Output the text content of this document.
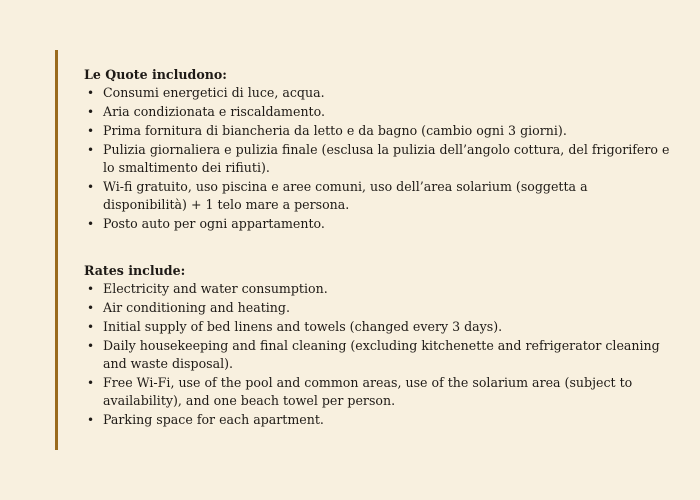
Le Quote includono:

• Consumi energetici di luce, acqua.
• Aria condizionata e riscaldamento.
• Prima fornitura di biancheria da letto e da bagno (cambio ogni 3 giorni).
• Pulizia giornaliera e pulizia finale (esclusa la pulizia dell’angolo cottura, del frigorifero e lo smaltimento dei rifiuti).
• Wi-fi gratuito, uso piscina e aree comuni, uso dell’area solarium (soggetta a disponibilità) + 1 telo mare a persona.
• Posto auto per ogni appartamento.

Rates include:

• Electricity and water consumption.
• Air conditioning and heating.
• Initial supply of bed linens and towels (changed every 3 days).
• Daily housekeeping and final cleaning (excluding kitchenette and refrigerator cleaning and waste disposal).
• Free Wi-Fi, use of the pool and common areas, use of the solarium area (subject to availability), and one beach towel per person.
• Parking space for each apartment.
